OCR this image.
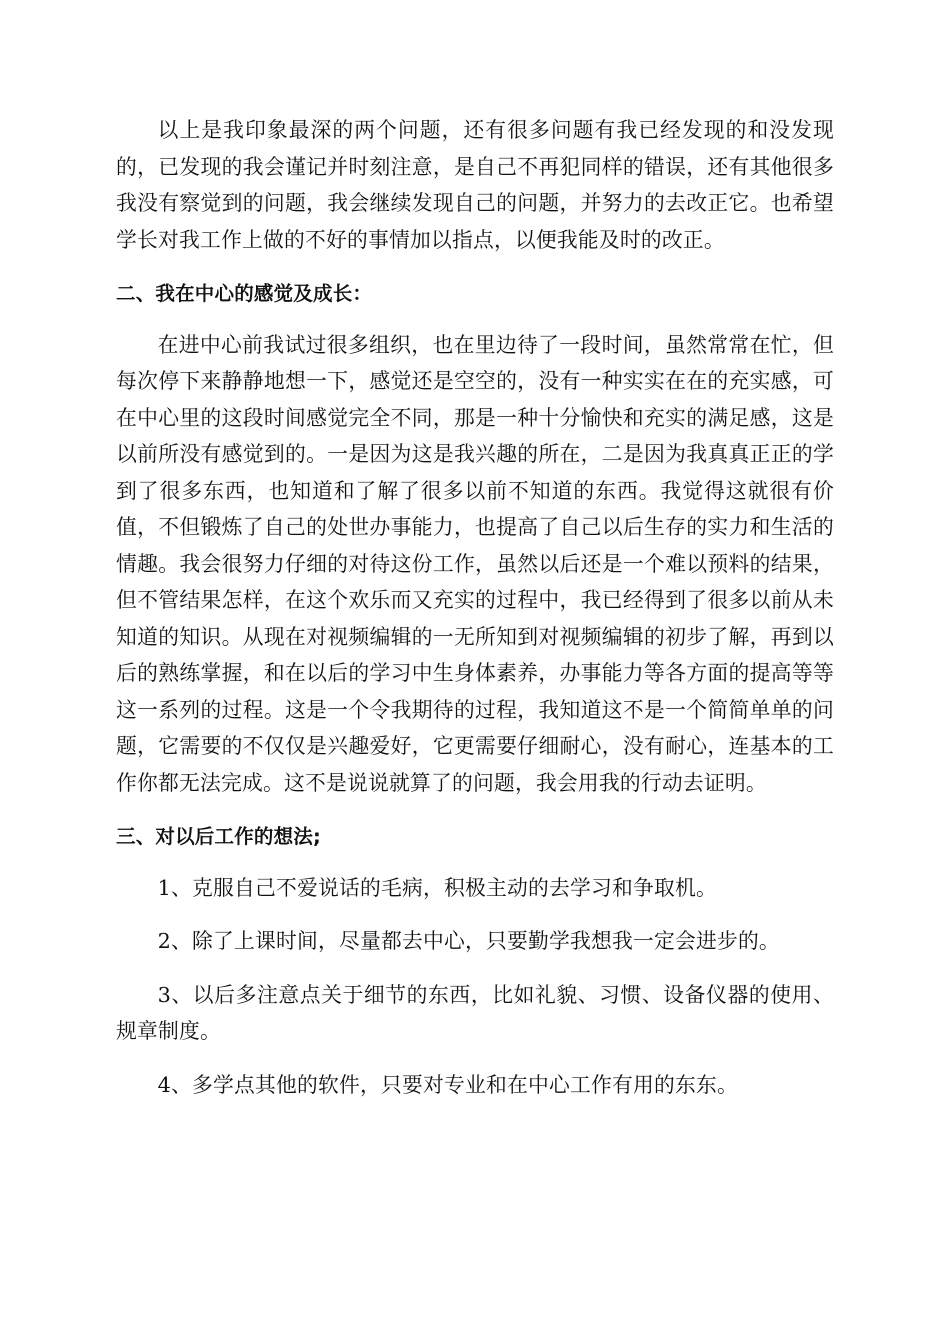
以上是我印象最深的两个问题，还有很多问题有我已经发现的和没发现的，已发现的我会谨记并时刻注意，是自己不再犯同样的错误，还有其他很多我没有察觉到的问题，我会继续发现自己的问题，并努力的去改正它。也希望学长对我工作上做的不好的事情加以指点，以便我能及时的改正。

二、我在中心的感觉及成长：

在进中心前我试过很多组织，也在里边待了一段时间，虽然常常在忙，但每次停下来静静地想一下，感觉还是空空的，没有一种实实在在的充实感，可在中心里的这段时间感觉完全不同，那是一种十分愉快和充实的满足感，这是以前所没有感觉到的。一是因为这是我兴趣的所在，二是因为我真真正正的学到了很多东西，也知道和了解了很多以前不知道的东西。我觉得这就很有价值，不但锻炼了自己的处世办事能力，也提高了自己以后生存的实力和生活的情趣。我会很努力仔细的对待这份工作，虽然以后还是一个难以预料的结果，但不管结果怎样，在这个欢乐而又充实的过程中，我已经得到了很多以前从未知道的知识。从现在对视频编辑的一无所知到对视频编辑的初步了解，再到以后的熟练掌握，和在以后的学习中生身体素养，办事能力等各方面的提高等等这一系列的过程。这是一个令我期待的过程，我知道这不是一个简简单单的问题，它需要的不仅仅是兴趣爱好，它更需要仔细耐心，没有耐心，连基本的工作你都无法完成。这不是说说就算了的问题，我会用我的行动去证明。

三、对以后工作的想法;

1、克服自己不爱说话的毛病，积极主动的去学习和争取机。

2、除了上课时间，尽量都去中心，只要勤学我想我一定会进步的。

3、以后多注意点关于细节的东西，比如礼貌、习惯、设备仪器的使用、规章制度。

4、多学点其他的软件，只要对专业和在中心工作有用的东东。
